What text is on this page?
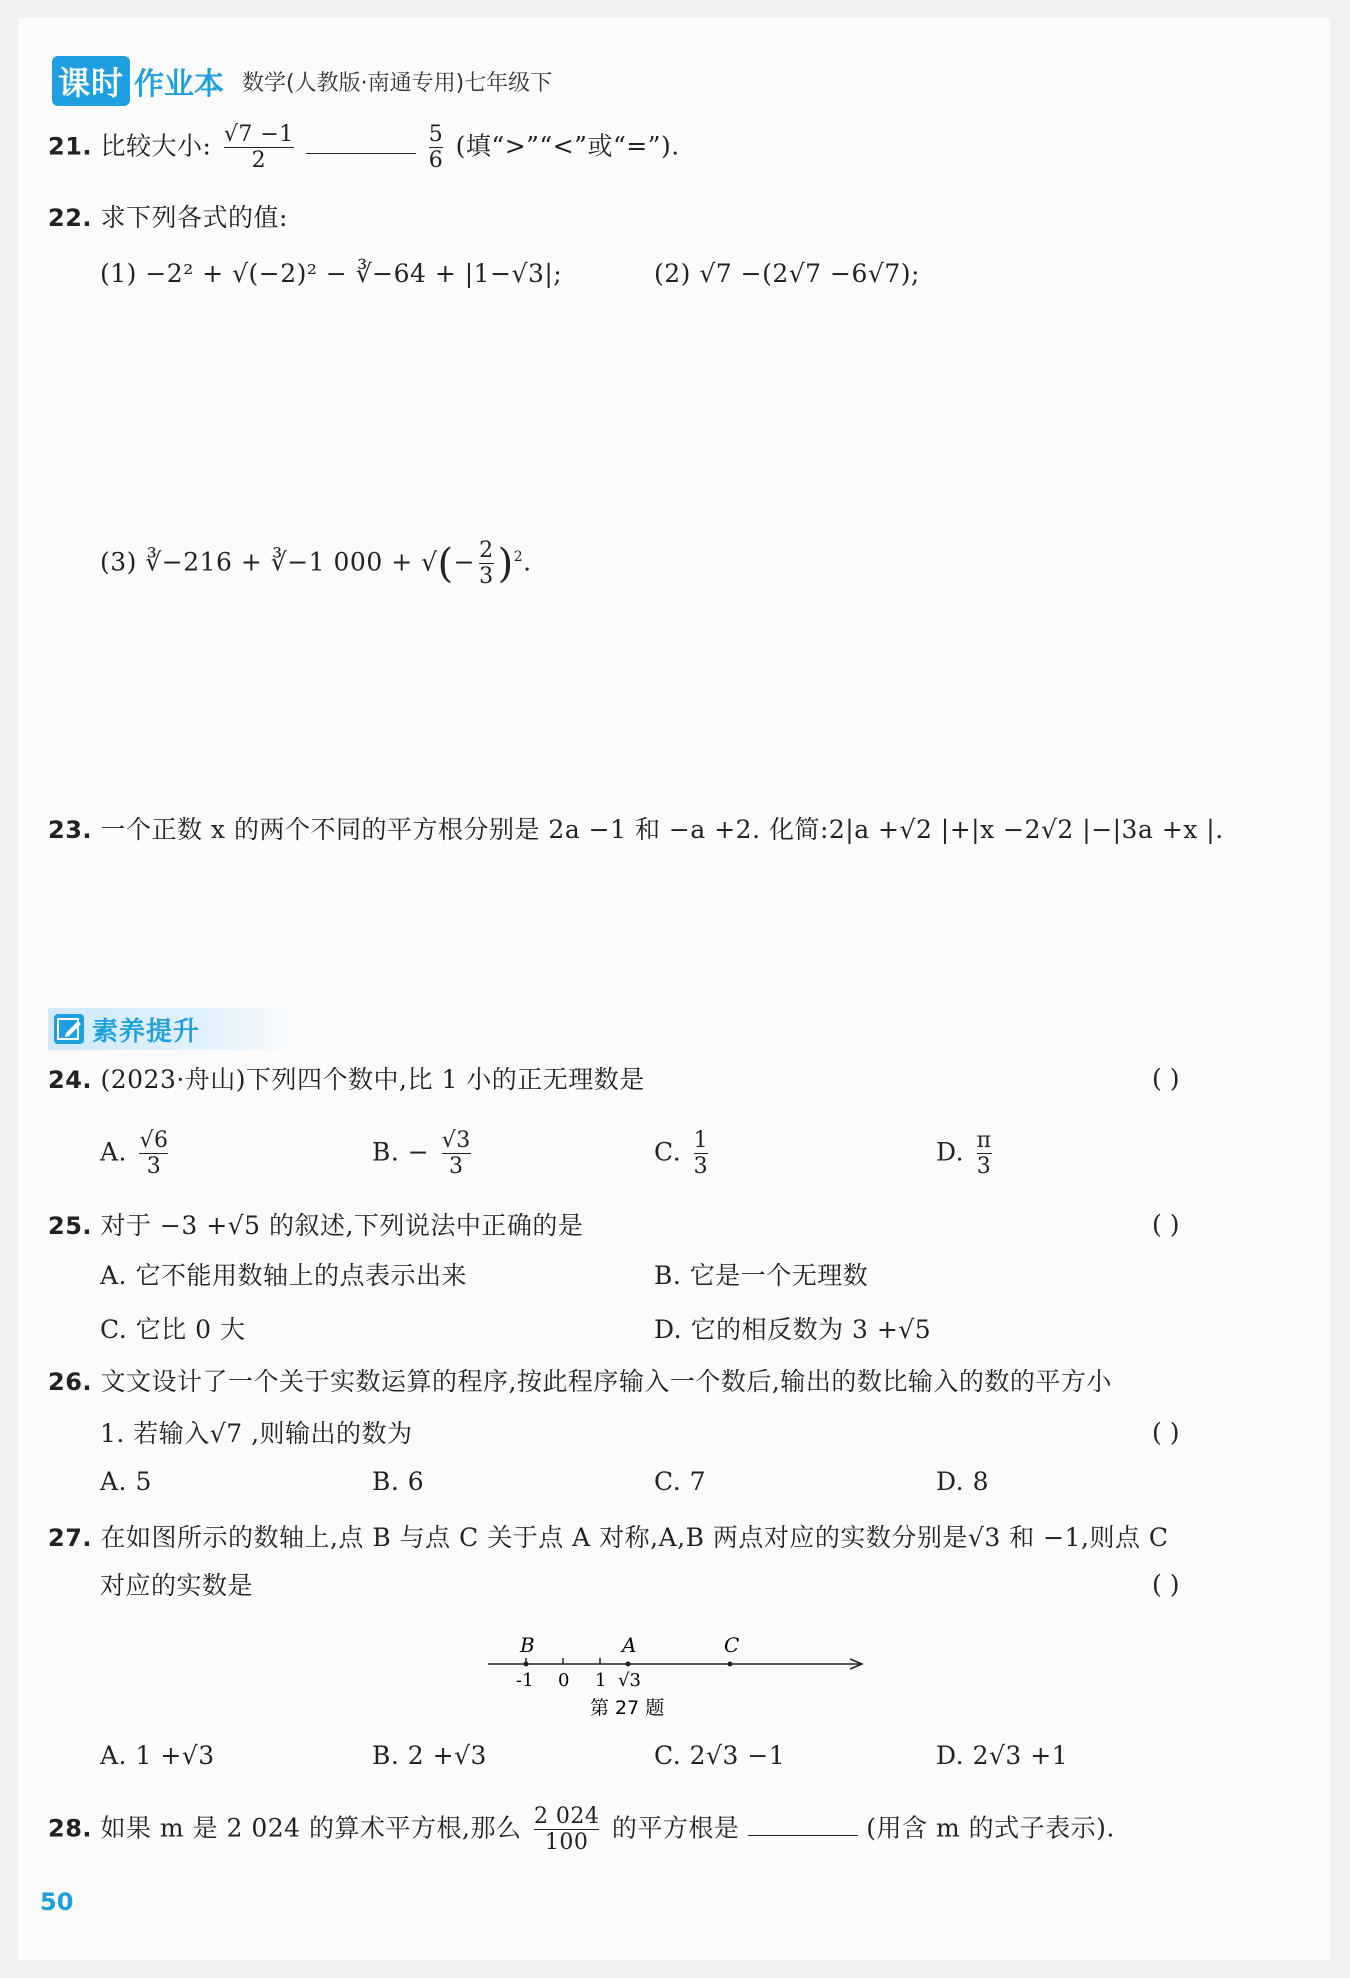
课时 作业本 数学(人教版·南通专用)七年级下
21. 比较大小: $\frac{√7 -1}{2}$
	$\frac{5}{6}$ (填“>”“<”或“=”).
22. 求下列各式的值:
(1) −2² + √(−2)² − ∛−64 + |1−√3|;	(2) √7 −(2√7 −6√7);
(3) ∛−216 + ∛−1 000 + √(− $\frac{2}{3} )^2$.
23. 一个正数 x 的两个不同的平方根分别是 2a −1 和 −a +2. 化简:2|a +√2 |+|x −2√2 |−|3a +x |.
素养提升
24. (2023·舟山)下列四个数中,比 1 小的正无理数是	( )
A. $\frac{√6}{3}$	B. − $\frac{√3}{3}$	C. $\frac{1}{3}$	D. $\frac{\pi}{3}$
25. 对于 −3 +√5 的叙述,下列说法中正确的是	( )
A. 它不能用数轴上的点表示出来	B. 它是一个无理数
C. 它比 0 大	D. 它的相反数为 3 +√5
26. 文文设计了一个关于实数运算的程序,按此程序输入一个数后,输出的数比输入的数的平方小
1. 若输入√7 ,则输出的数为	( )
A. 5	B. 6	C. 7	D. 8
27. 在如图所示的数轴上,点 B 与点 C 关于点 A 对称,A,B 两点对应的实数分别是√3 和 −1,则点 C
对应的实数是	( )
B	A	C
-1 0 1 √3
第 27 题
A. 1 +√3	B. 2 +√3	C. 2√3 −1	D. 2√3 +1
28. 如果 m 是 2 024 的算术平方根,那么 $\frac{2 024}{100}$ 的平方根是	(用含 m 的式子表示).
50
